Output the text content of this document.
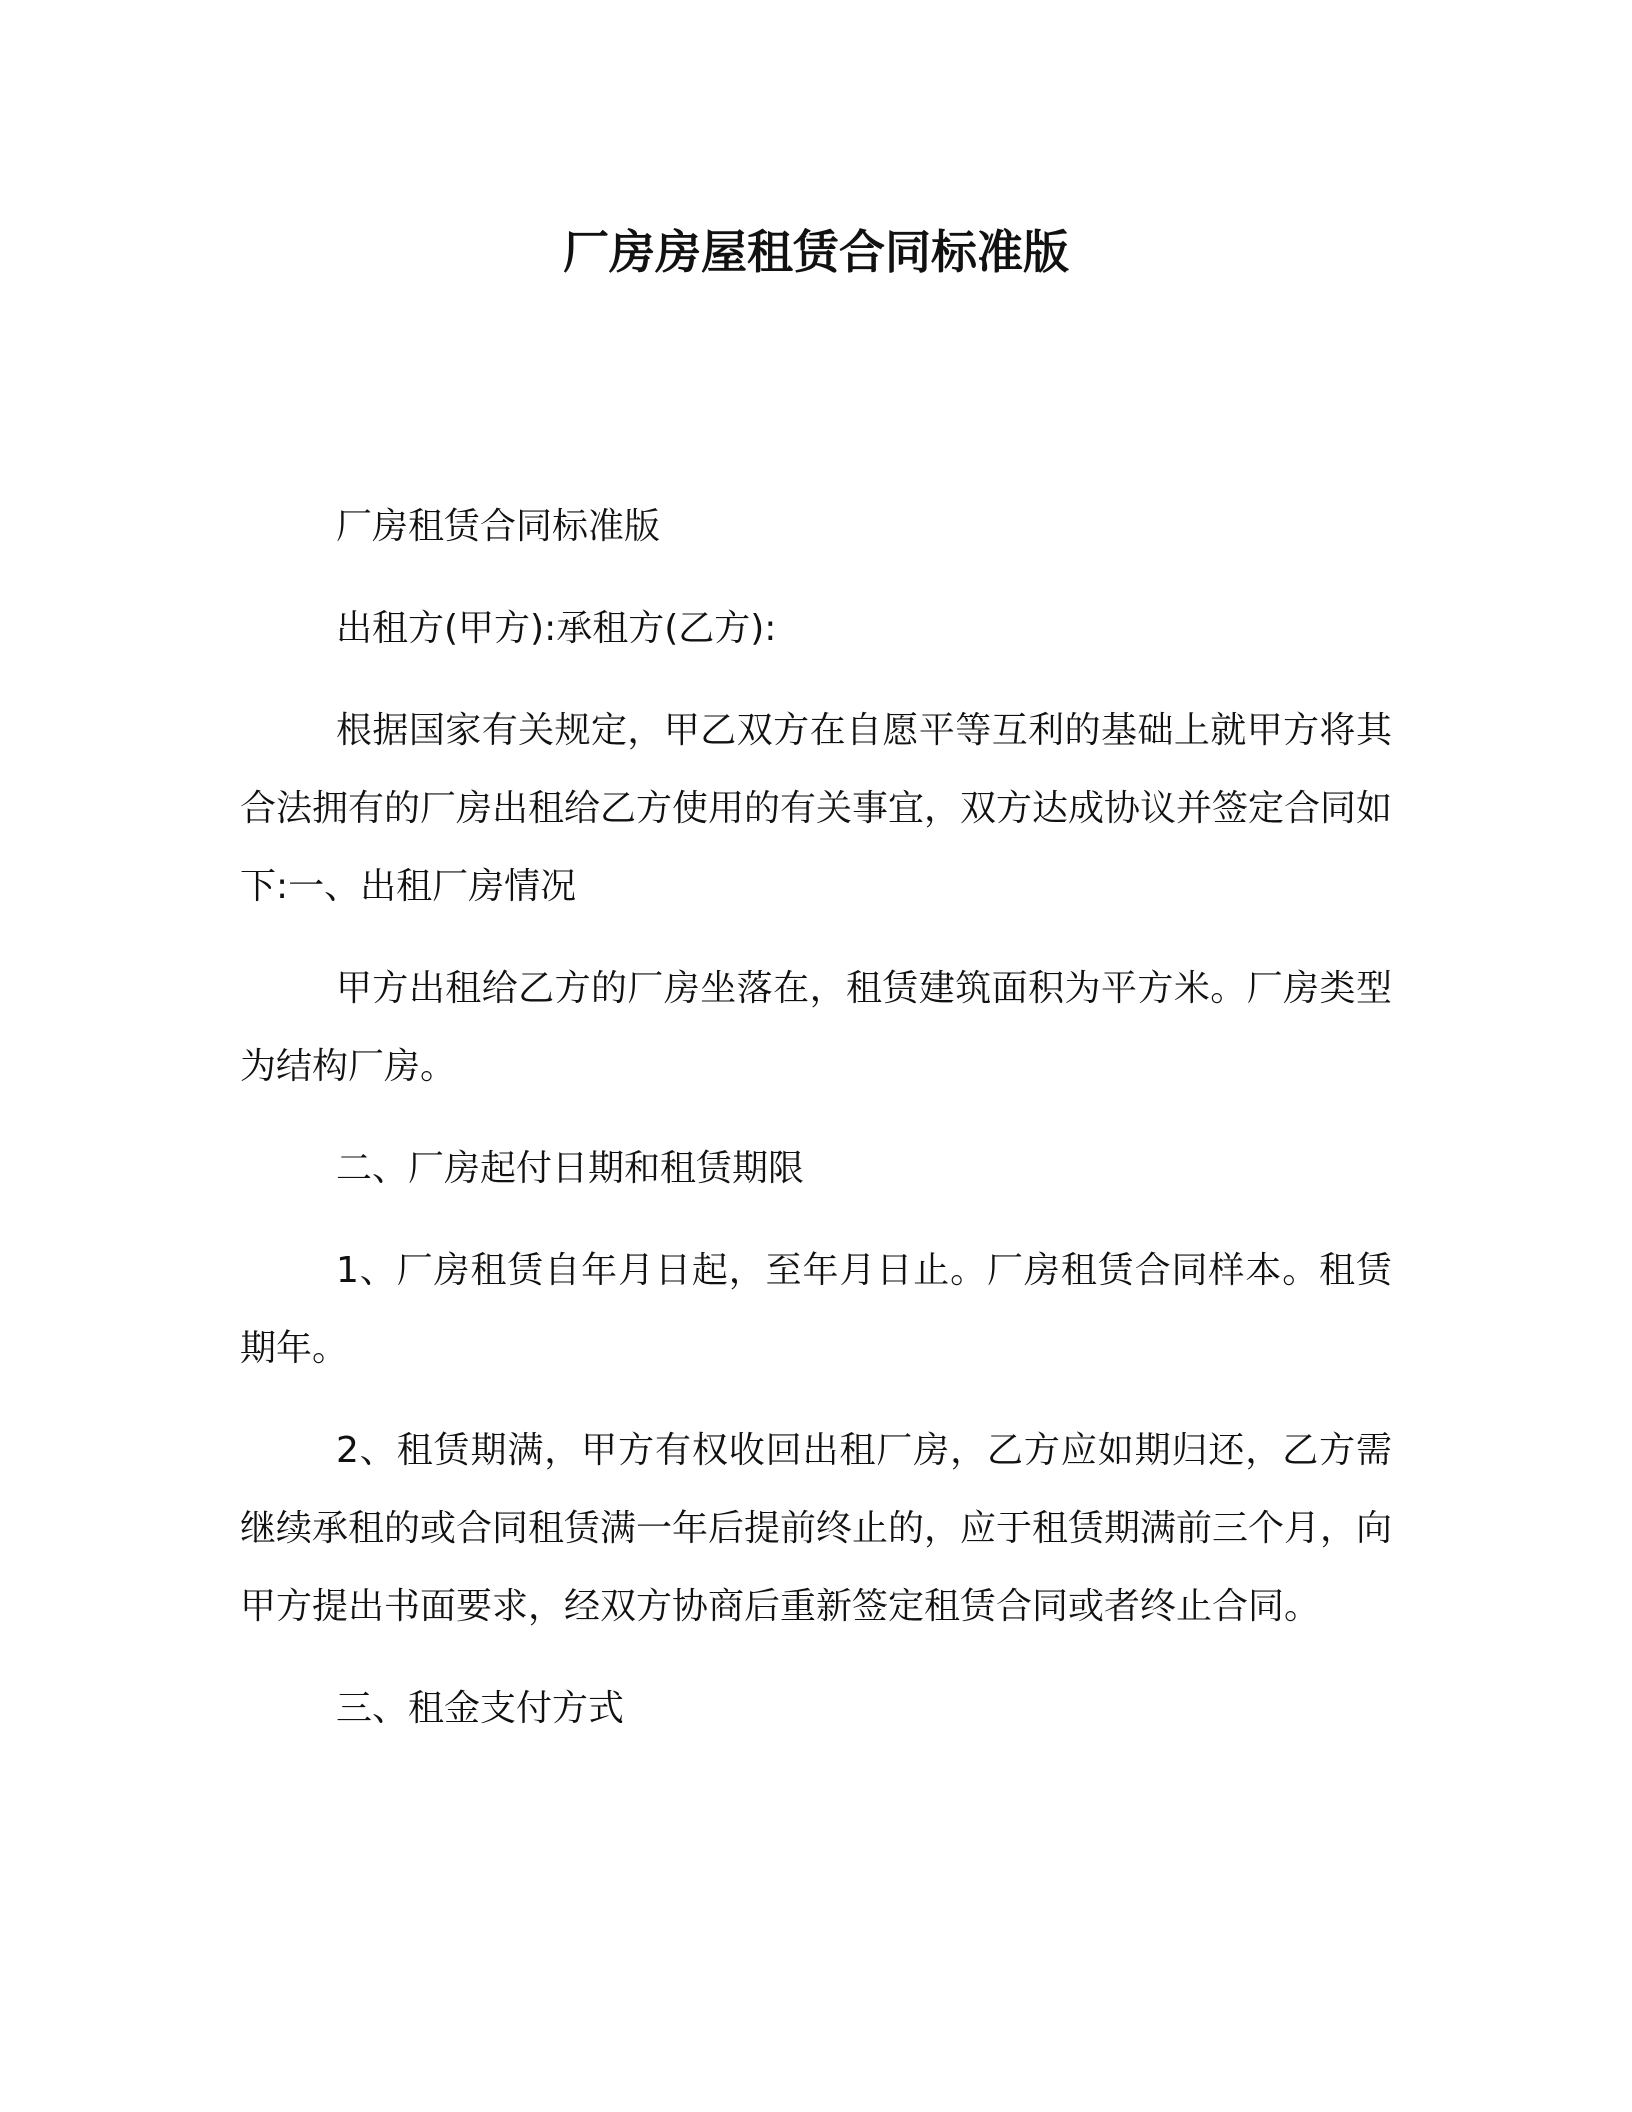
厂房房屋租赁合同标准版

厂房租赁合同标准版

出租方(甲方):承租方(乙方):

根据国家有关规定，甲乙双方在自愿平等互利的基础上就甲方将其合法拥有的厂房出租给乙方使用的有关事宜，双方达成协议并签定合同如下:一、出租厂房情况

甲方出租给乙方的厂房坐落在，租赁建筑面积为平方米。厂房类型为结构厂房。

二、厂房起付日期和租赁期限

1、厂房租赁自年月日起，至年月日止。厂房租赁合同样本。租赁期年。

2、租赁期满，甲方有权收回出租厂房，乙方应如期归还，乙方需继续承租的或合同租赁满一年后提前终止的，应于租赁期满前三个月，向甲方提出书面要求，经双方协商后重新签定租赁合同或者终止合同。

三、租金支付方式
